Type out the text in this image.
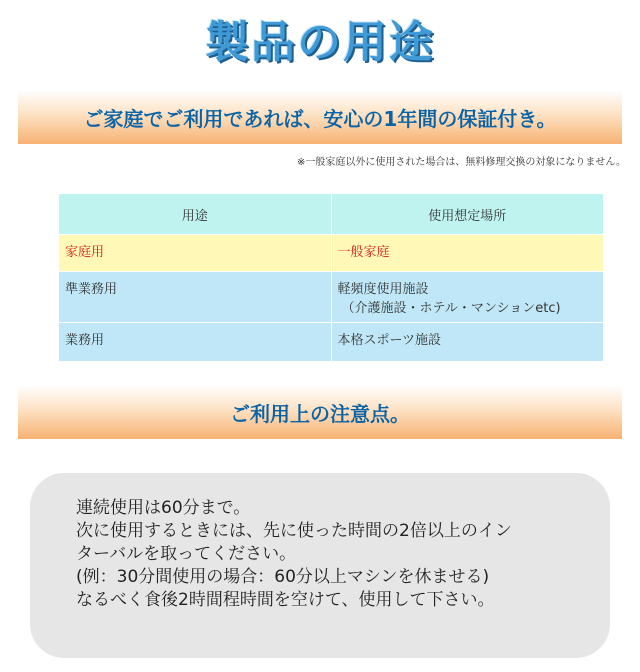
製品の用途
ご家庭でご利用であれば、安心の1年間の保証付き。
※一般家庭以外に使用された場合は、無料修理交換の対象になりません。
用途	使用想定場所
家庭用	一般家庭
準業務用	軽頻度使用施設

（介護施設・ホテル・マンションetc)

業務用	本格スポーツ施設
ご利用上の注意点。
連続使用は60分まで。
次に使用するときには、先に使った時間の2倍以上のイン
ターバルを取ってください。
(例：30分間使用の場合：60分以上マシンを休ませる)
なるべく食後2時間程時間を空けて、使用して下さい。
